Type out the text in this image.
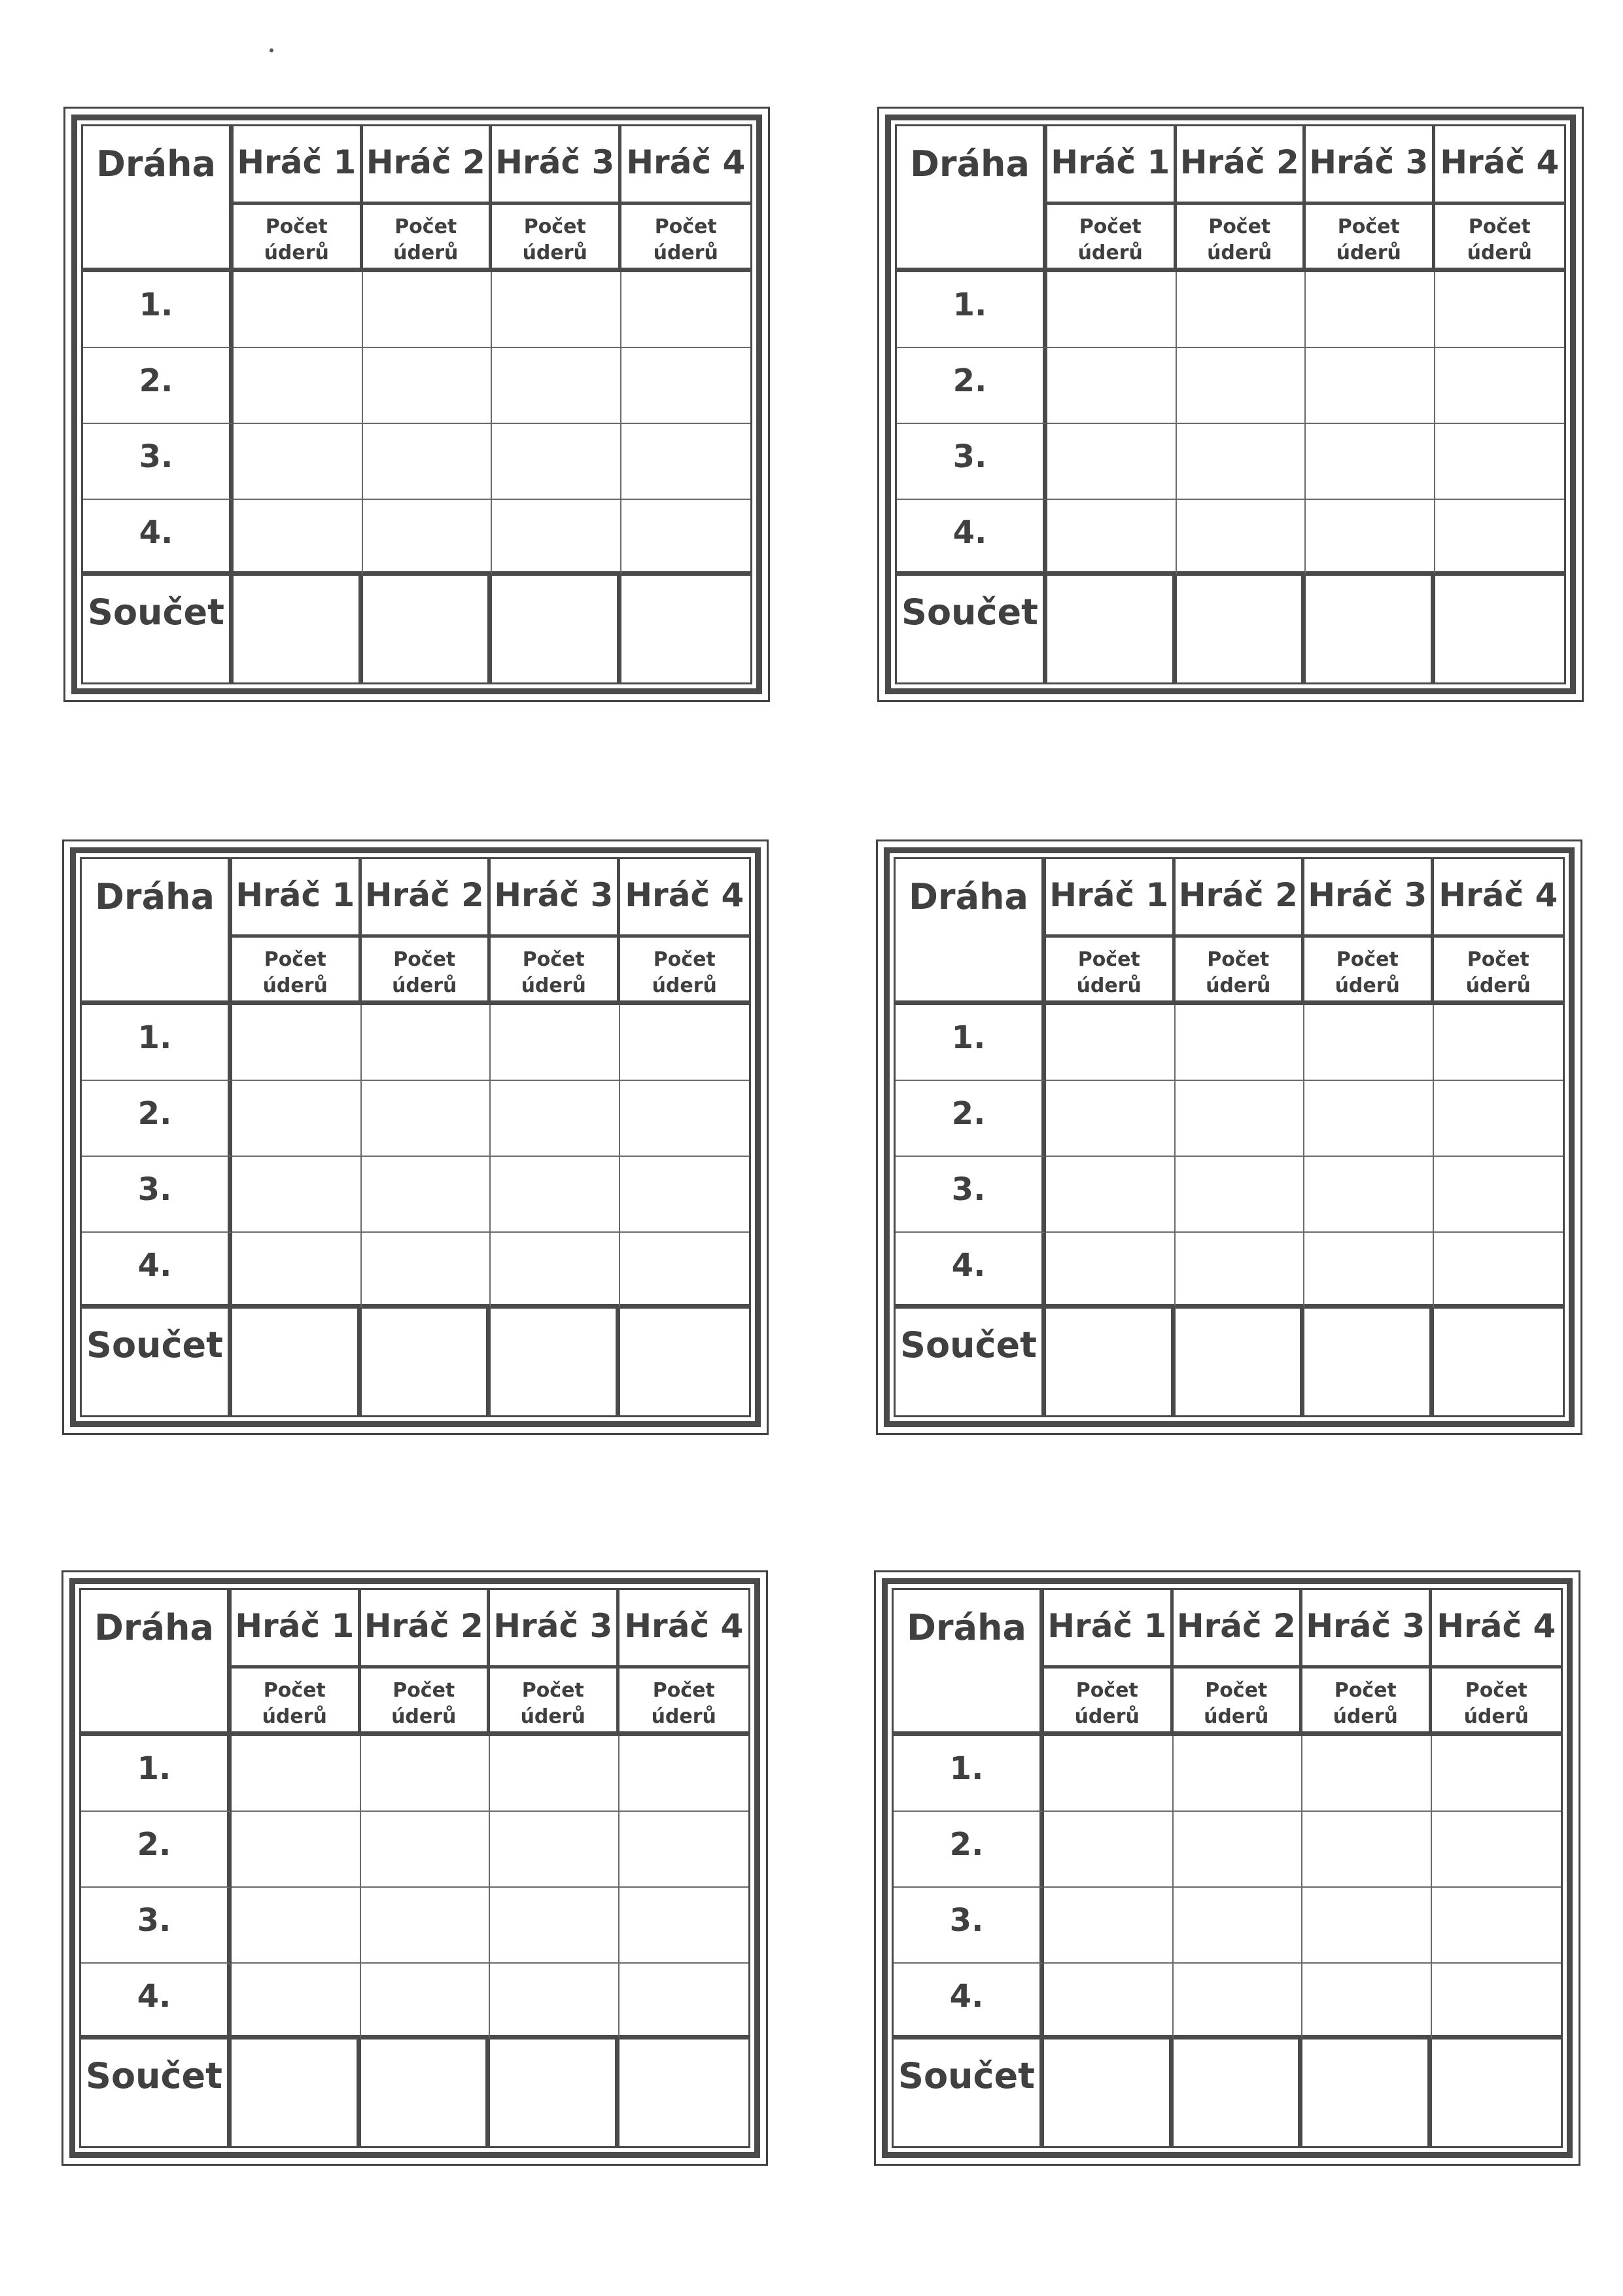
Dráha Hráč 1 Hráč 2 Hráč 3 Hráč 4
Počet
úderů
Počet
úderů
Počet
úderů
Počet
úderů
1.
2.
3.
4.
Součet
Dráha Hráč 1 Hráč 2 Hráč 3 Hráč 4
Počet
úderů
Počet
úderů
Počet
úderů
Počet
úderů
1.
2.
3.
4.
Součet
Dráha Hráč 1 Hráč 2 Hráč 3 Hráč 4
Počet
úderů
Počet
úderů
Počet
úderů
Počet
úderů
1.
2.
3.
4.
Součet
Dráha Hráč 1 Hráč 2 Hráč 3 Hráč 4
Počet
úderů
Počet
úderů
Počet
úderů
Počet
úderů
1.
2.
3.
4.
Součet
Dráha Hráč 1 Hráč 2 Hráč 3 Hráč 4
Počet
úderů
Počet
úderů
Počet
úderů
Počet
úderů
1.
2.
3.
4.
Součet
Dráha Hráč 1 Hráč 2 Hráč 3 Hráč 4
Počet
úderů
Počet
úderů
Počet
úderů
Počet
úderů
1.
2.
3.
4.
Součet
